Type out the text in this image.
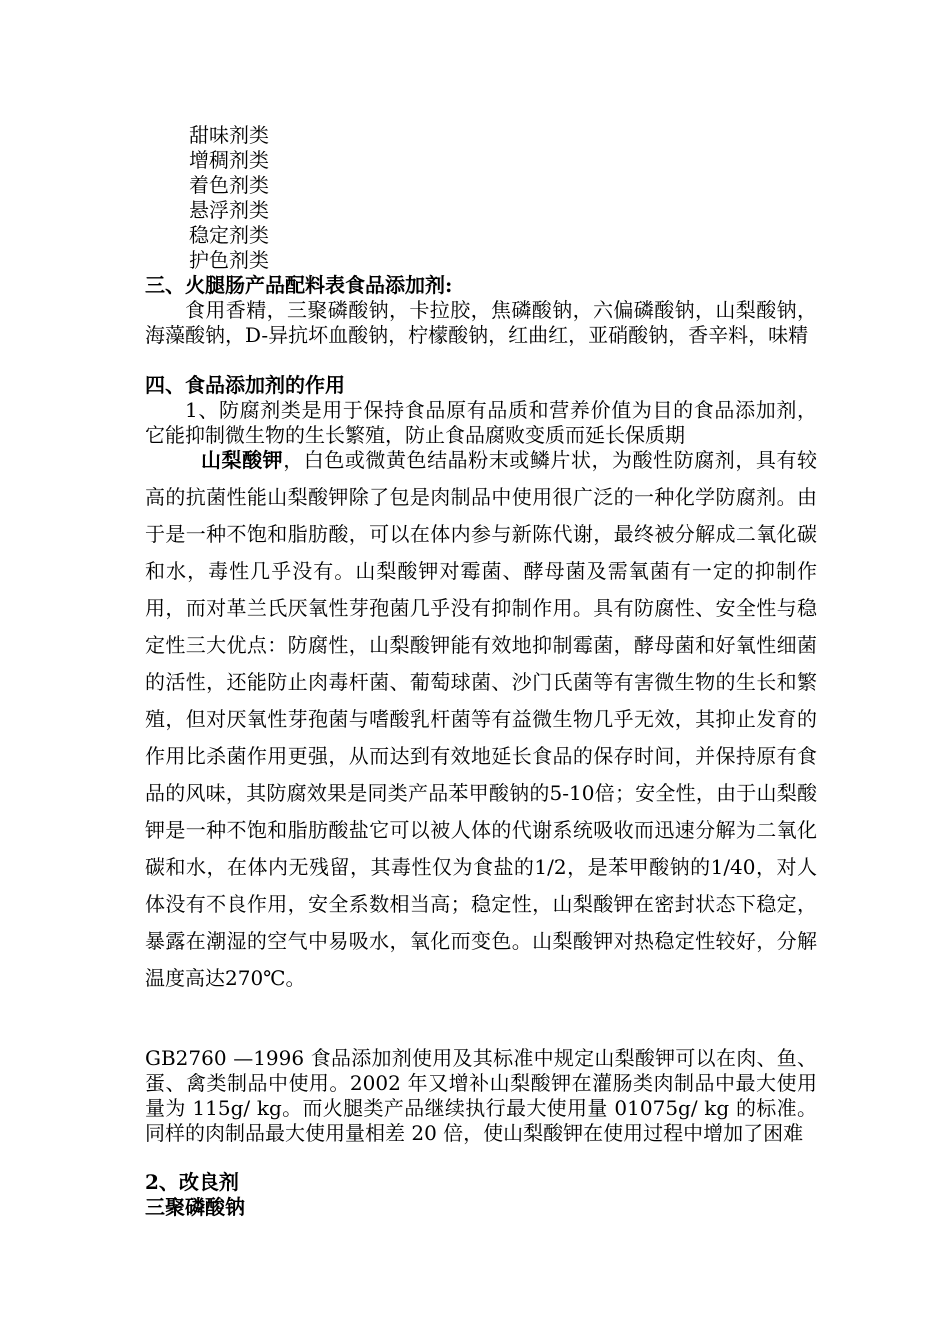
甜味剂类
增稠剂类
着色剂类
悬浮剂类
稳定剂类
护色剂类
三、火腿肠产品配料表食品添加剂:
食用香精，三聚磷酸钠，卡拉胶，焦磷酸钠，六偏磷酸钠，山梨酸钠，海藻酸钠，D-异抗坏血酸钠，柠檬酸钠，红曲红，亚硝酸钠，香辛料，味精
四、食品添加剂的作用
1、防腐剂类是用于保持食品原有品质和营养价值为目的食品添加剂，它能抑制微生物的生长繁殖，防止食品腐败变质而延长保质期
山梨酸钾，白色或微黄色结晶粉末或鳞片状，为酸性防腐剂，具有较高的抗菌性能山梨酸钾除了包是肉制品中使用很广泛的一种化学防腐剂。由于是一种不饱和脂肪酸，可以在体内参与新陈代谢，最终被分解成二氧化碳和水，毒性几乎没有。山梨酸钾对霉菌、酵母菌及需氧菌有一定的抑制作用，而对革兰氏厌氧性芽孢菌几乎没有抑制作用。具有防腐性、安全性与稳定性三大优点：防腐性，山梨酸钾能有效地抑制霉菌，酵母菌和好氧性细菌的活性，还能防止肉毒杆菌、葡萄球菌、沙门氏菌等有害微生物的生长和繁殖，但对厌氧性芽孢菌与嗜酸乳杆菌等有益微生物几乎无效，其抑止发育的作用比杀菌作用更强，从而达到有效地延长食品的保存时间，并保持原有食品的风味，其防腐效果是同类产品苯甲酸钠的5-10倍；安全性，由于山梨酸钾是一种不饱和脂肪酸盐它可以被人体的代谢系统吸收而迅速分解为二氧化碳和水，在体内无残留，其毒性仅为食盐的1/2，是苯甲酸钠的1/40，对人体没有不良作用，安全系数相当高；稳定性，山梨酸钾在密封状态下稳定，暴露在潮湿的空气中易吸水，氧化而变色。山梨酸钾对热稳定性较好，分解温度高达270℃。
GB2760 —1996 食品添加剂使用及其标准中规定山梨酸钾可以在肉、鱼、蛋、禽类制品中使用。2002 年又增补山梨酸钾在灌肠类肉制品中最大使用量为 115g/ kg。而火腿类产品继续执行最大使用量 01075g/ kg 的标准。同样的肉制品最大使用量相差 20 倍，使山梨酸钾在使用过程中增加了困难
2、改良剂
三聚磷酸钠
